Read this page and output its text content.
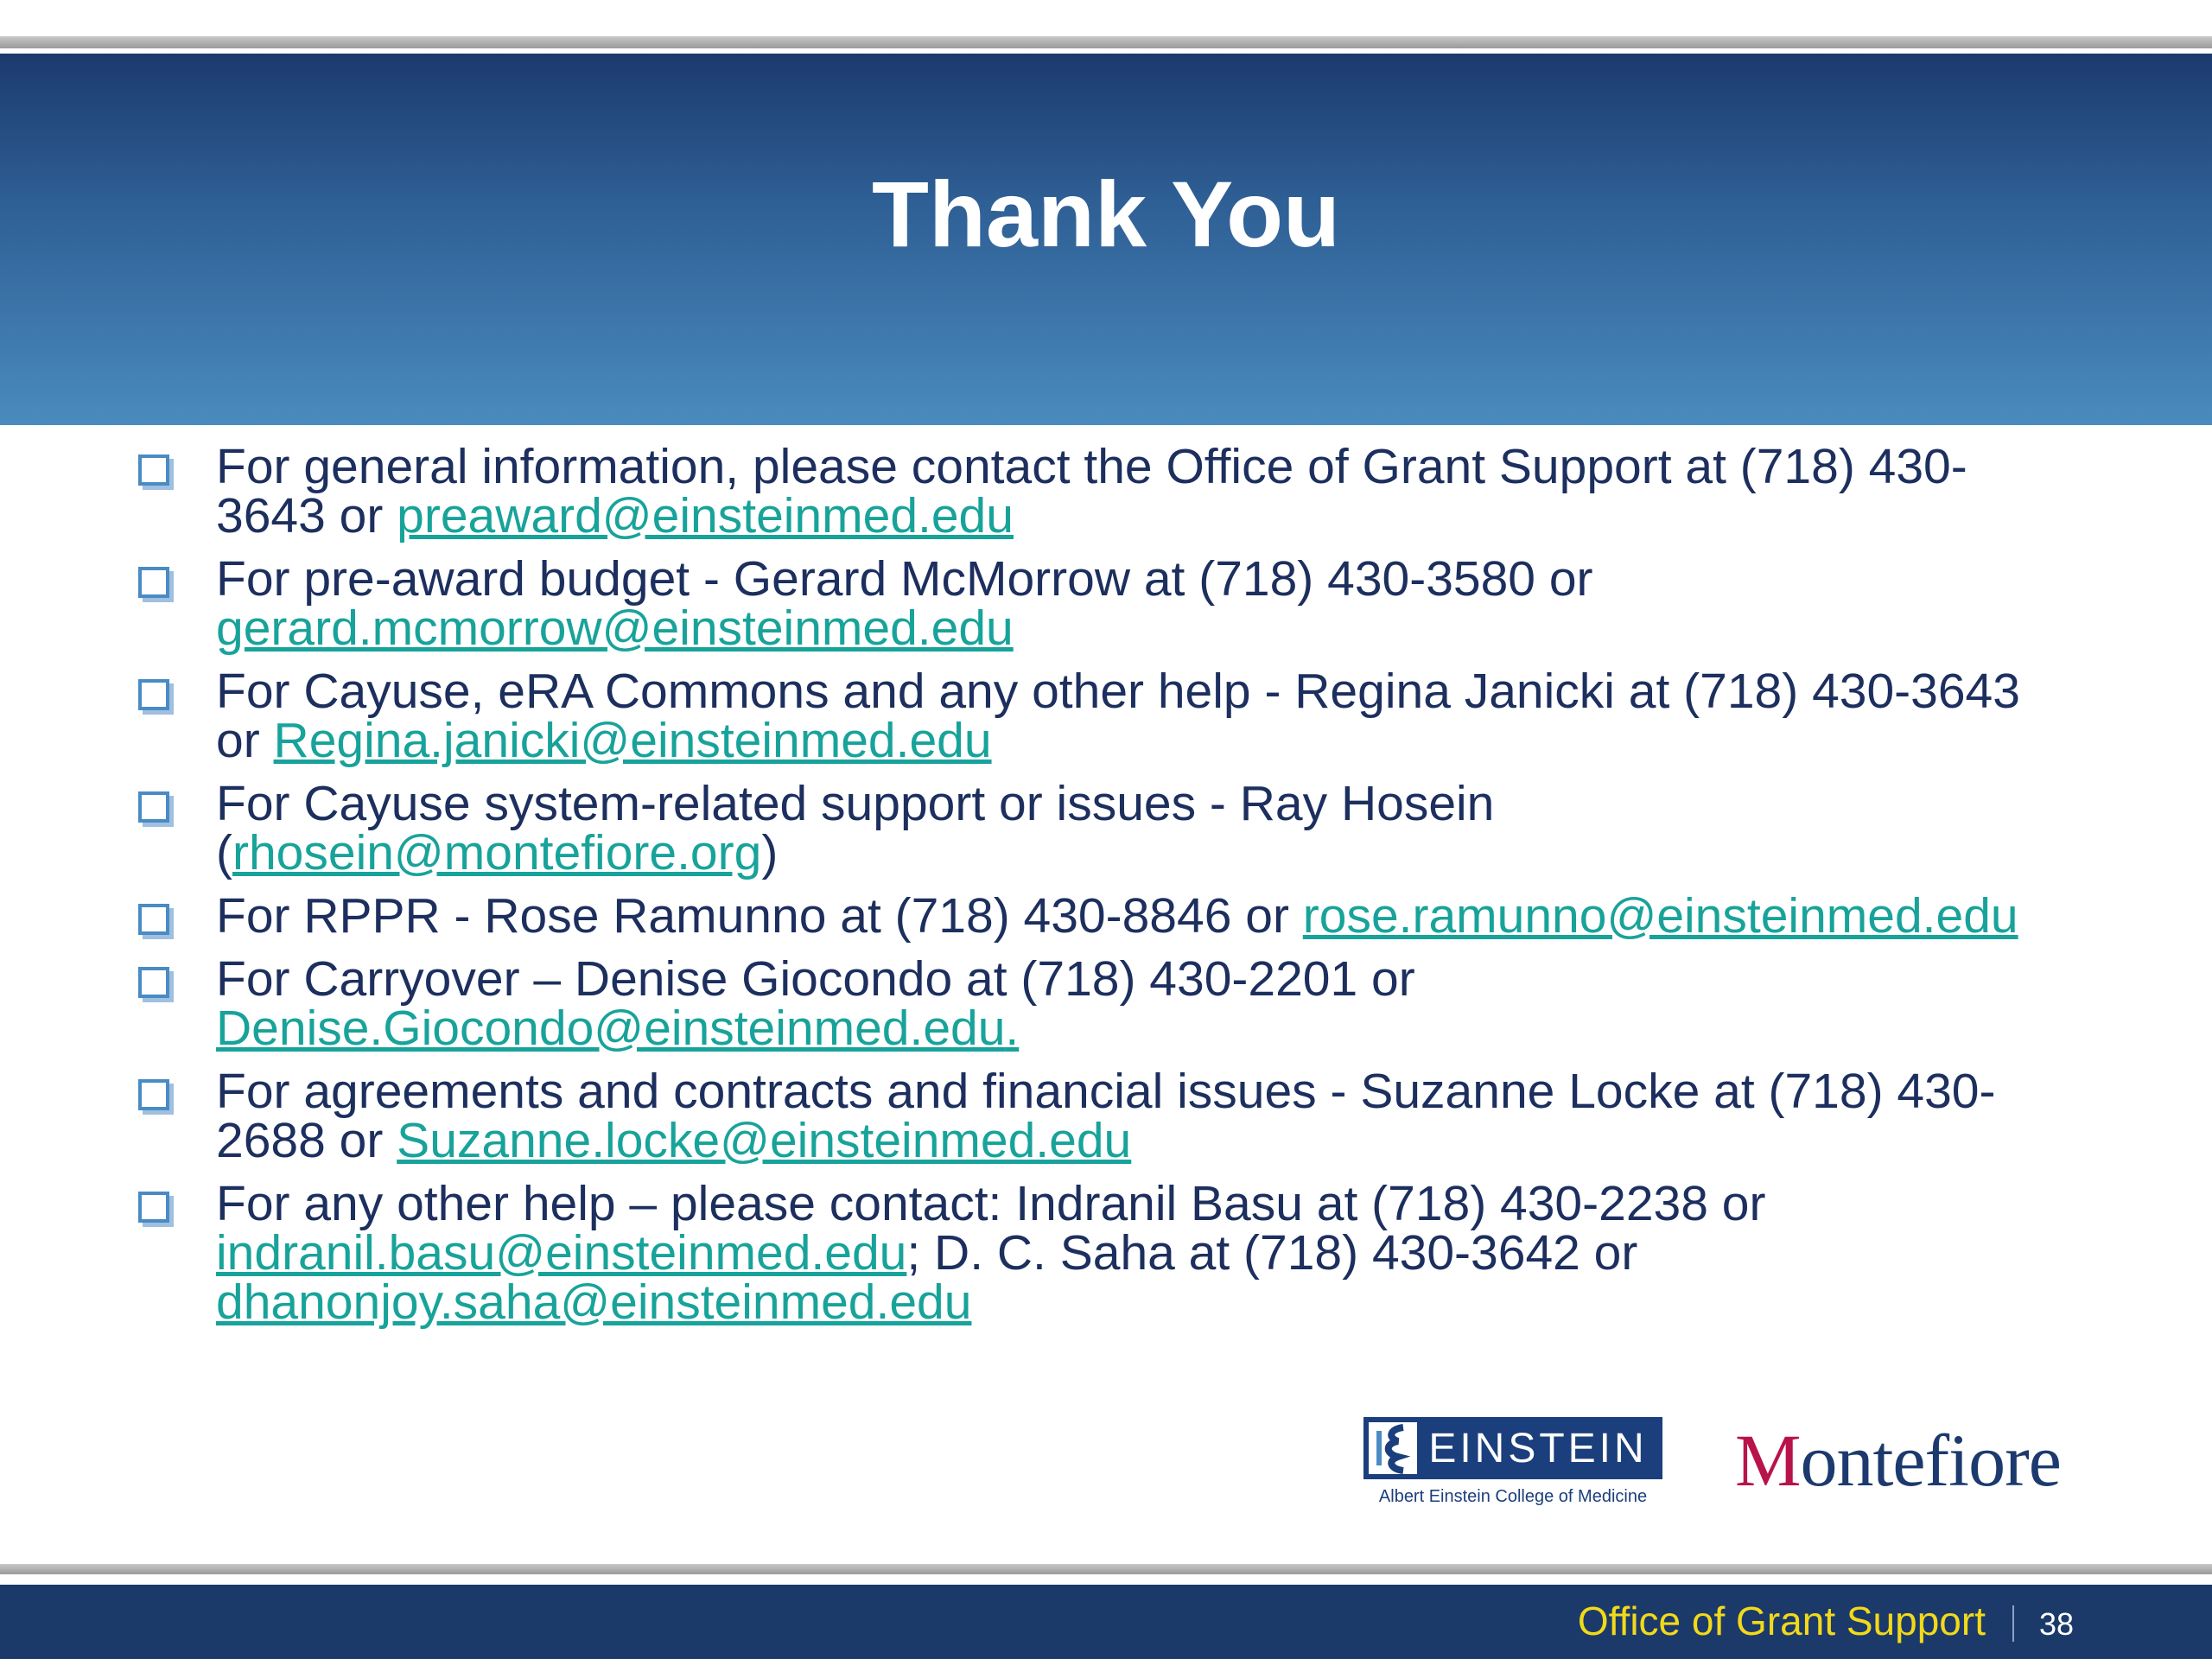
Thank You
For general information, please contact the Office of Grant Support at (718) 430-3643 or preaward@einsteinmed.edu
For pre-award budget - Gerard McMorrow at (718) 430-3580 or gerard.mcmorrow@einsteinmed.edu
For Cayuse, eRA Commons and any other help - Regina Janicki at (718) 430-3643 or Regina.janicki@einsteinmed.edu
For Cayuse system-related support or issues - Ray Hosein (rhosein@montefiore.org)
For RPPR - Rose Ramunno at (718) 430-8846 or rose.ramunno@einsteinmed.edu
For Carryover – Denise Giocondo at (718) 430-2201 or Denise.Giocondo@einsteinmed.edu.
For agreements and contracts and financial issues - Suzanne Locke at (718) 430-2688 or Suzanne.locke@einsteinmed.edu
For any other help – please contact: Indranil Basu at (718) 430-2238 or indranil.basu@einsteinmed.edu; D. C. Saha at (718) 430-3642 or dhanonjoy.saha@einsteinmed.edu
EINSTEIN
Albert Einstein College of Medicine Montefiore
Office of Grant Support 38
